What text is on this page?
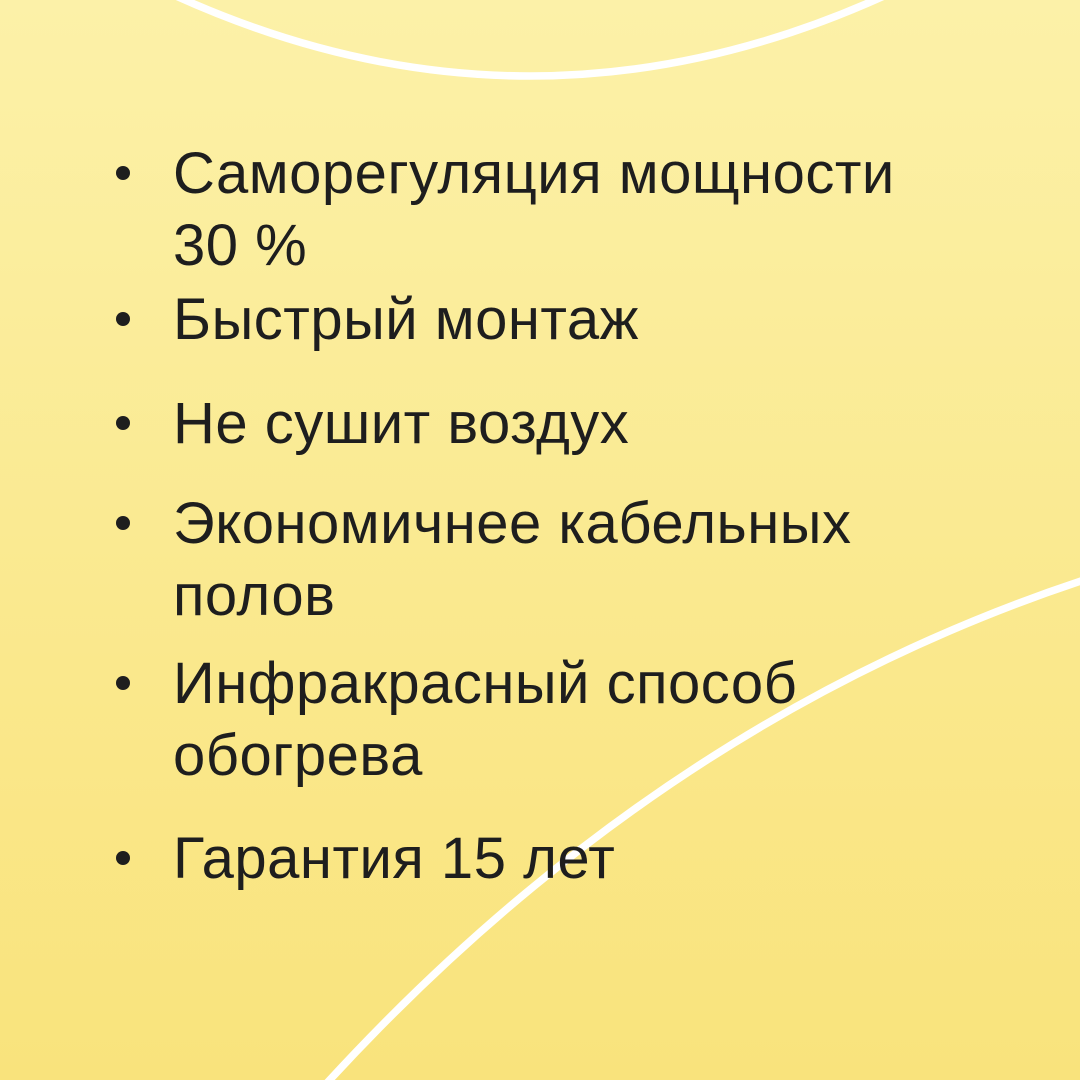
Саморегуляция мощности
30 %
Быстрый монтаж
Не сушит воздух
Экономичнее кабельных
полов
Инфракрасный способ
обогрева
Гарантия 15 лет
